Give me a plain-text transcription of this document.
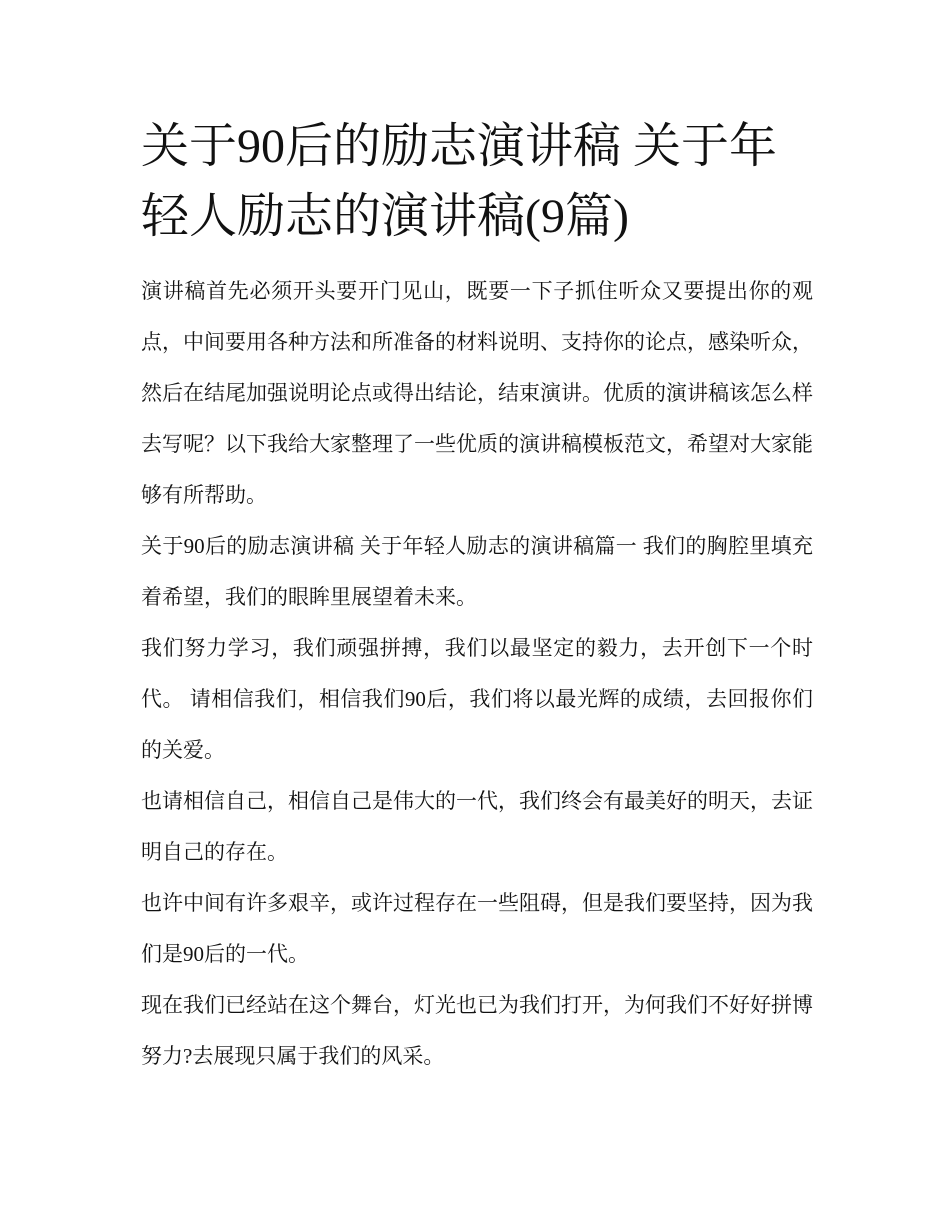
关于90后的励志演讲稿 关于年轻人励志的演讲稿(9篇)

演讲稿首先必须开头要开门见山，既要一下子抓住听众又要提出你的观点，中间要用各种方法和所准备的材料说明、支持你的论点，感染听众，然后在结尾加强说明论点或得出结论，结束演讲。优质的演讲稿该怎么样去写呢？以下我给大家整理了一些优质的演讲稿模板范文，希望对大家能够有所帮助。

关于90后的励志演讲稿 关于年轻人励志的演讲稿篇一 我们的胸腔里填充着希望，我们的眼眸里展望着未来。

我们努力学习，我们顽强拼搏，我们以最坚定的毅力，去开创下一个时代。 请相信我们，相信我们90后，我们将以最光辉的成绩，去回报你们的关爱。

也请相信自己，相信自己是伟大的一代，我们终会有最美好的明天，去证明自己的存在。

也许中间有许多艰辛，或许过程存在一些阻碍，但是我们要坚持，因为我们是90后的一代。

现在我们已经站在这个舞台，灯光也已为我们打开，为何我们不好好拼博努力?去展现只属于我们的风采。
